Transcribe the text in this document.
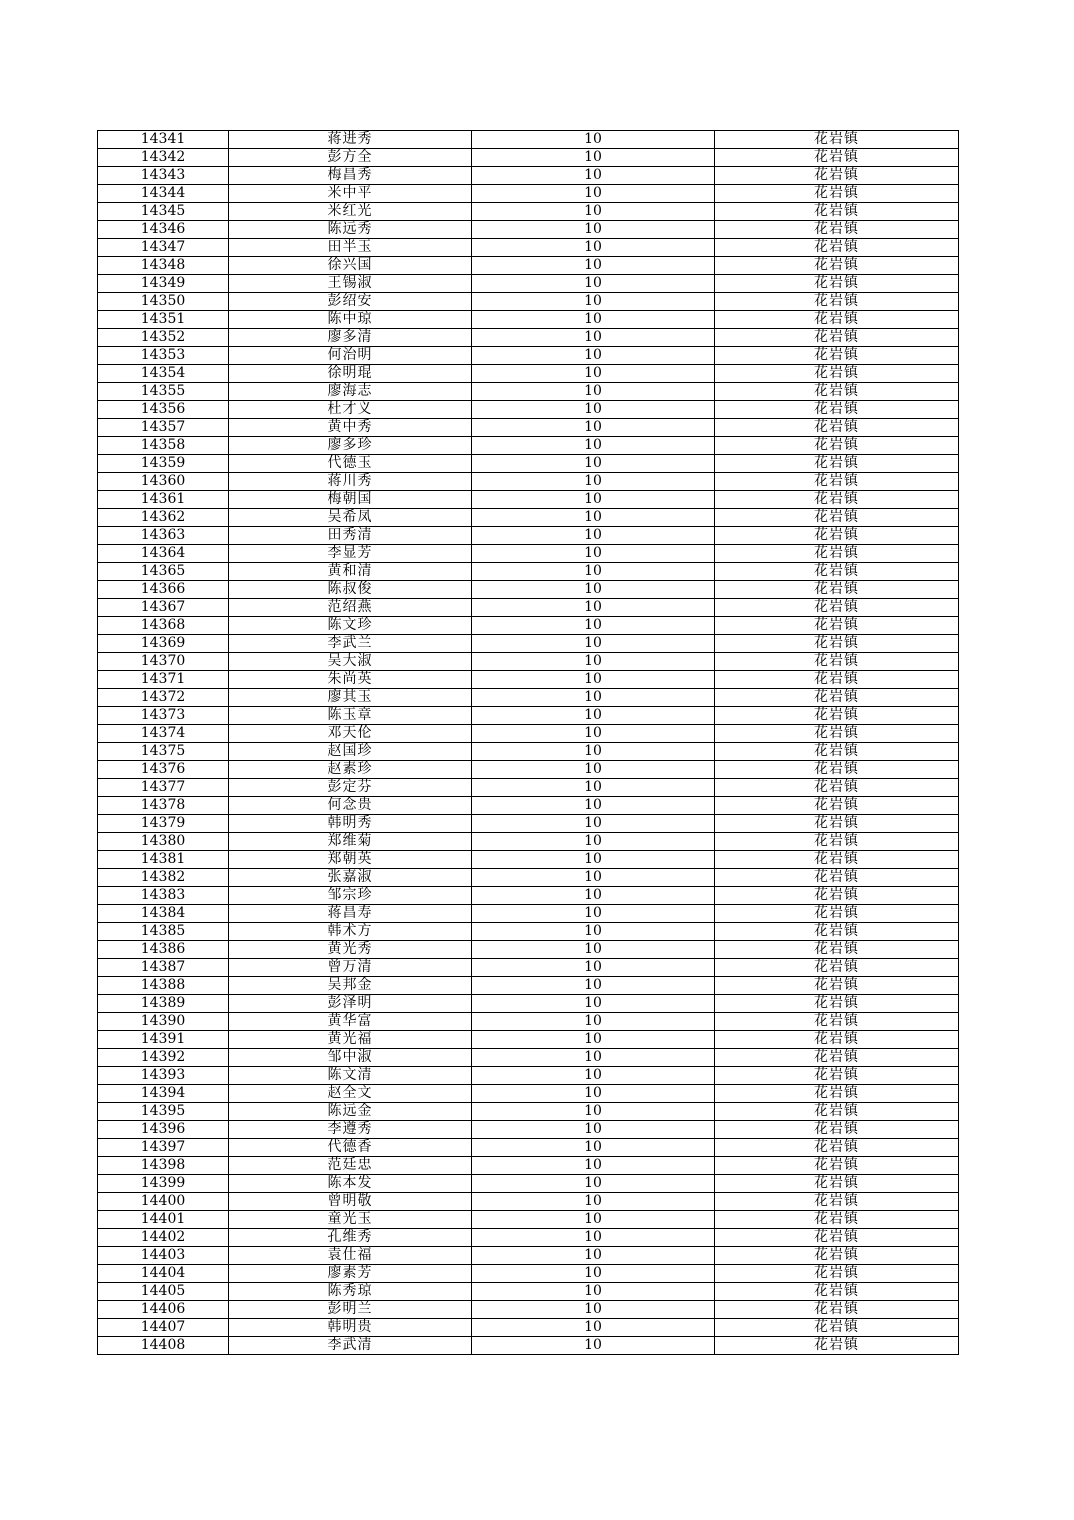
14341	蒋进秀	10	花岩镇
14342	彭方全	10	花岩镇
14343	梅昌秀	10	花岩镇
14344	米中平	10	花岩镇
14345	米红光	10	花岩镇
14346	陈远秀	10	花岩镇
14347	田半玉	10	花岩镇
14348	徐兴国	10	花岩镇
14349	王锡淑	10	花岩镇
14350	彭绍安	10	花岩镇
14351	陈中琼	10	花岩镇
14352	廖多清	10	花岩镇
14353	何治明	10	花岩镇
14354	徐明琨	10	花岩镇
14355	廖海志	10	花岩镇
14356	杜才义	10	花岩镇
14357	黄中秀	10	花岩镇
14358	廖多珍	10	花岩镇
14359	代德玉	10	花岩镇
14360	蒋川秀	10	花岩镇
14361	梅朝国	10	花岩镇
14362	吴希凤	10	花岩镇
14363	田秀清	10	花岩镇
14364	李显芳	10	花岩镇
14365	黄和清	10	花岩镇
14366	陈叔俊	10	花岩镇
14367	范绍燕	10	花岩镇
14368	陈文珍	10	花岩镇
14369	李武兰	10	花岩镇
14370	吴大淑	10	花岩镇
14371	朱尚英	10	花岩镇
14372	廖其玉	10	花岩镇
14373	陈玉章	10	花岩镇
14374	邓天伦	10	花岩镇
14375	赵国珍	10	花岩镇
14376	赵素珍	10	花岩镇
14377	彭定芬	10	花岩镇
14378	何念贵	10	花岩镇
14379	韩明秀	10	花岩镇
14380	郑维菊	10	花岩镇
14381	郑朝英	10	花岩镇
14382	张嘉淑	10	花岩镇
14383	邹宗珍	10	花岩镇
14384	蒋昌寿	10	花岩镇
14385	韩术方	10	花岩镇
14386	黄光秀	10	花岩镇
14387	曾万清	10	花岩镇
14388	吴邦金	10	花岩镇
14389	彭泽明	10	花岩镇
14390	黄华富	10	花岩镇
14391	黄光福	10	花岩镇
14392	邹中淑	10	花岩镇
14393	陈文清	10	花岩镇
14394	赵全文	10	花岩镇
14395	陈远金	10	花岩镇
14396	李遵秀	10	花岩镇
14397	代德香	10	花岩镇
14398	范廷忠	10	花岩镇
14399	陈本发	10	花岩镇
14400	曾明敬	10	花岩镇
14401	童光玉	10	花岩镇
14402	孔维秀	10	花岩镇
14403	袁仕福	10	花岩镇
14404	廖素芳	10	花岩镇
14405	陈秀琼	10	花岩镇
14406	彭明兰	10	花岩镇
14407	韩明贵	10	花岩镇
14408	李武清	10	花岩镇
